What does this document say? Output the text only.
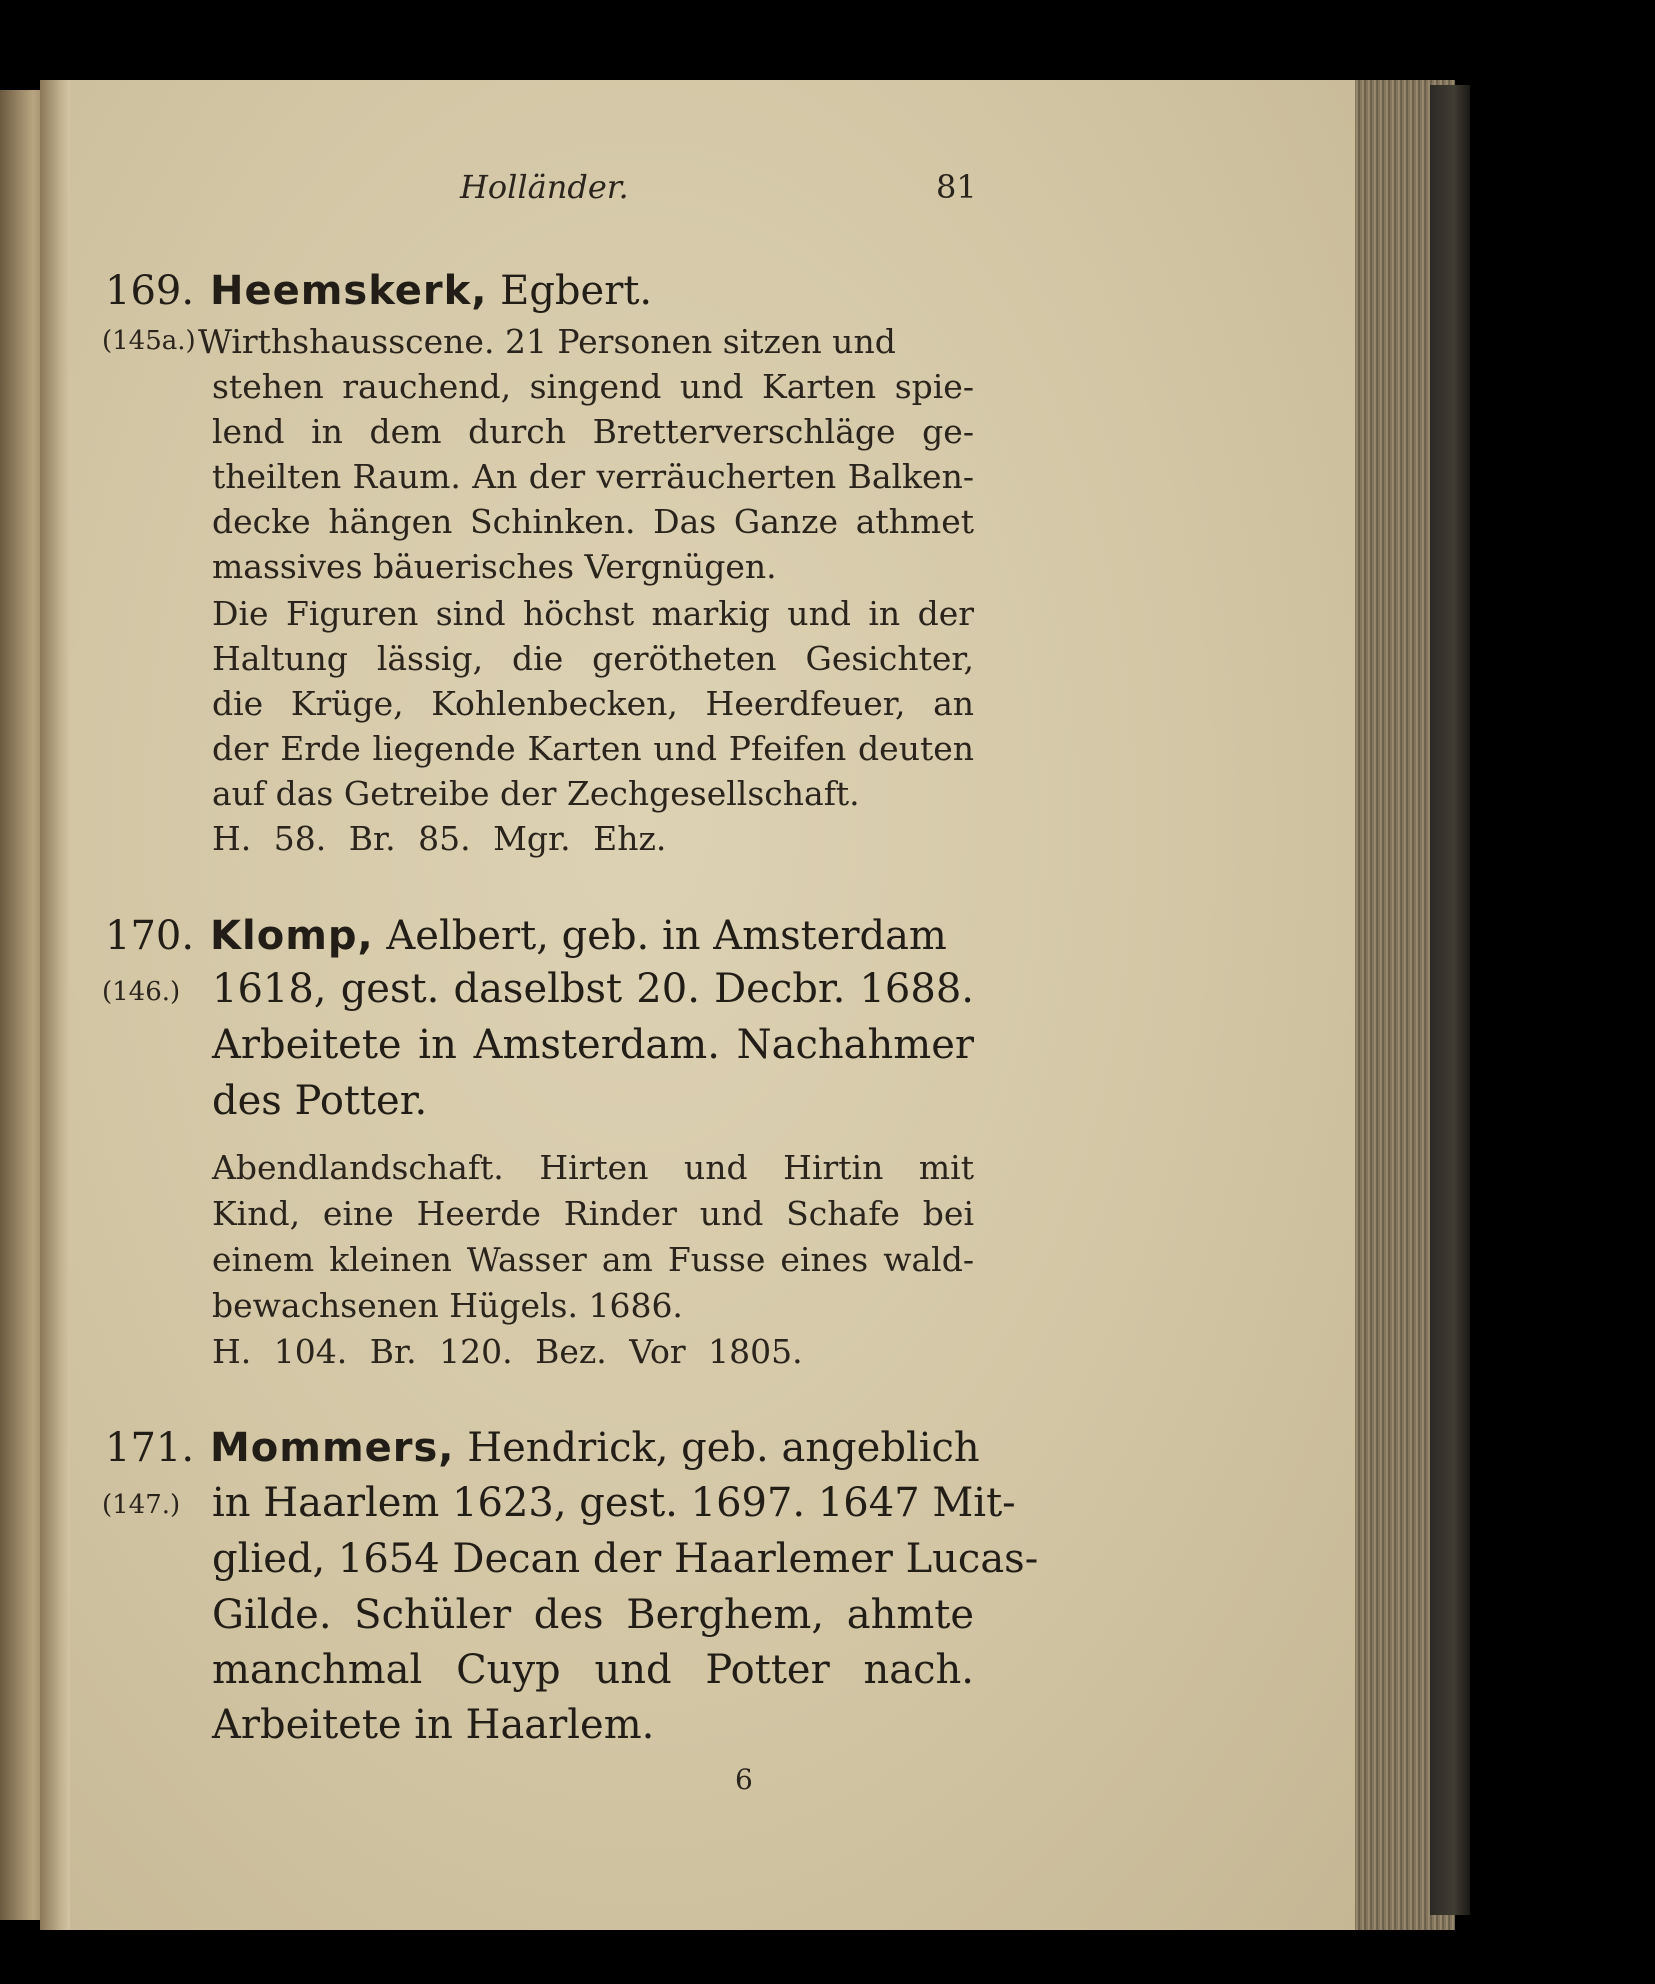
Holländer.	81
169. Heemskerk, Egbert.
(145a.) Wirthshausscene. 21 Personen sitzen und
stehen rauchend, singend und Karten spie-
lend in dem durch Bretterverschläge ge-
theilten Raum. An der verräucherten Balken-
decke hängen Schinken. Das Ganze athmet
massives bäuerisches Vergnügen.
Die Figuren sind höchst markig und in der
Haltung lässig, die gerötheten Gesichter,
die Krüge, Kohlenbecken, Heerdfeuer, an
der Erde liegende Karten und Pfeifen deuten
auf das Getreibe der Zechgesellschaft.
H. 58. Br. 85. Mgr. Ehz.
170. Klomp, Aelbert, geb. in Amsterdam
(146.) 1618, gest. daselbst 20. Decbr. 1688.
Arbeitete in Amsterdam. Nachahmer
des Potter.
Abendlandschaft. Hirten und Hirtin mit
Kind, eine Heerde Rinder und Schafe bei
einem kleinen Wasser am Fusse eines wald-
bewachsenen Hügels. 1686.
H. 104. Br. 120. Bez. Vor 1805.
171. Mommers, Hendrick, geb. angeblich
(147.) in Haarlem 1623, gest. 1697. 1647 Mit-
glied, 1654 Decan der Haarlemer Lucas-
Gilde. Schüler des Berghem, ahmte
manchmal Cuyp und Potter nach.
Arbeitete in Haarlem.
6
